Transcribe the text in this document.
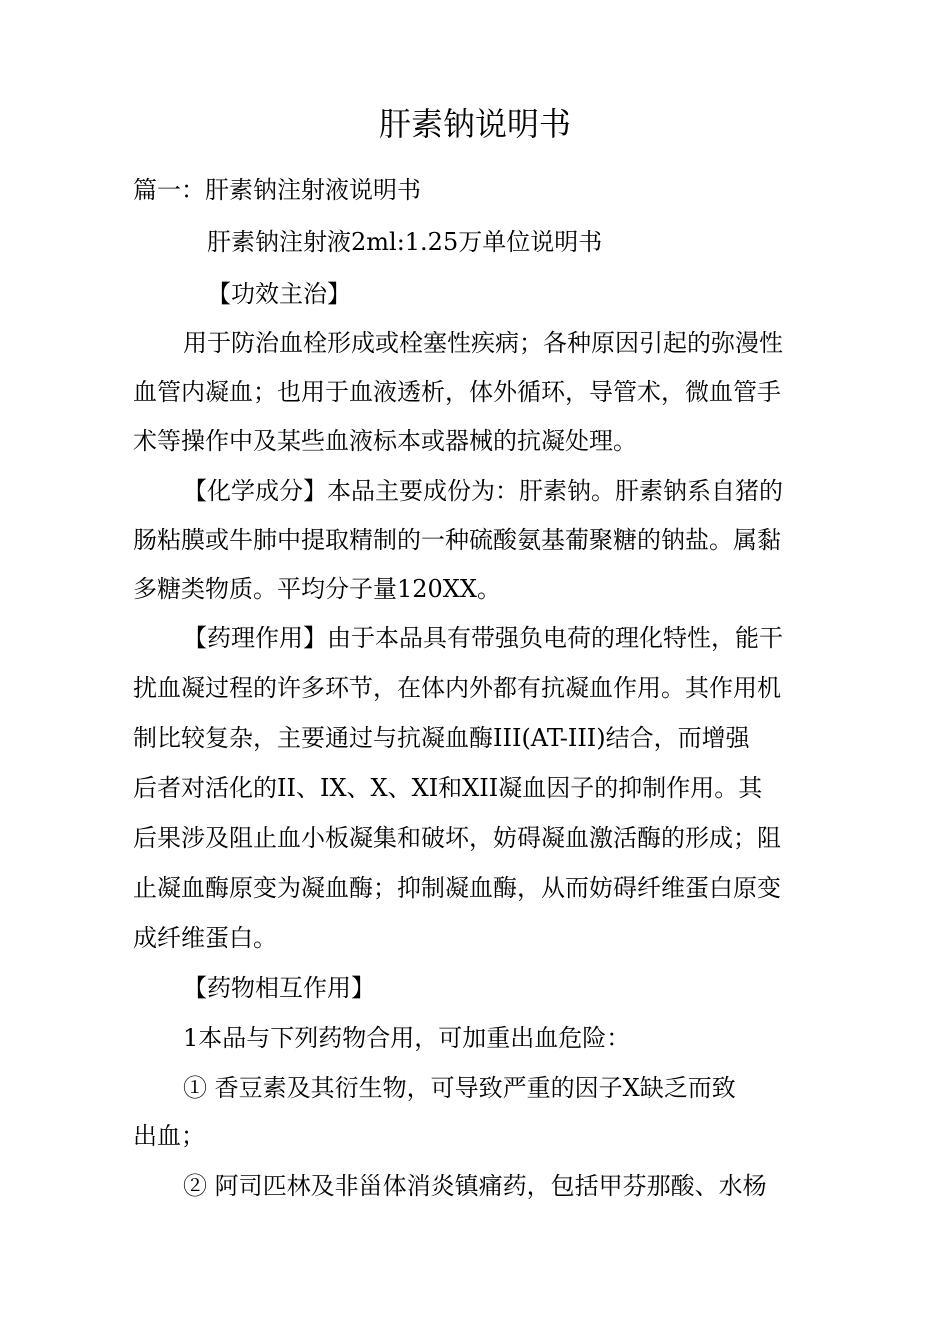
肝素钠说明书
篇一：肝素钠注射液说明书
肝素钠注射液2ml:1.25万单位说明书
【功效主治】
用于防治血栓形成或栓塞性疾病；各种原因引起的弥漫性
血管内凝血；也用于血液透析，体外循环，导管术，微血管手
术等操作中及某些血液标本或器械的抗凝处理。
【化学成分】本品主要成份为：肝素钠。肝素钠系自猪的
肠粘膜或牛肺中提取精制的一种硫酸氨基葡聚糖的钠盐。属黏
多糖类物质。平均分子量120XX。
【药理作用】由于本品具有带强负电荷的理化特性，能干
扰血凝过程的许多环节，在体内外都有抗凝血作用。其作用机
制比较复杂，主要通过与抗凝血酶III(AT-III)结合，而增强
后者对活化的II、IX、X、XI和XII凝血因子的抑制作用。其
后果涉及阻止血小板凝集和破坏，妨碍凝血激活酶的形成；阻
止凝血酶原变为凝血酶；抑制凝血酶，从而妨碍纤维蛋白原变
成纤维蛋白。
【药物相互作用】
1本品与下列药物合用，可加重出血危险：
① 香豆素及其衍生物，可导致严重的因子X缺乏而致
出血；
② 阿司匹林及非甾体消炎镇痛药，包括甲芬那酸、水杨
